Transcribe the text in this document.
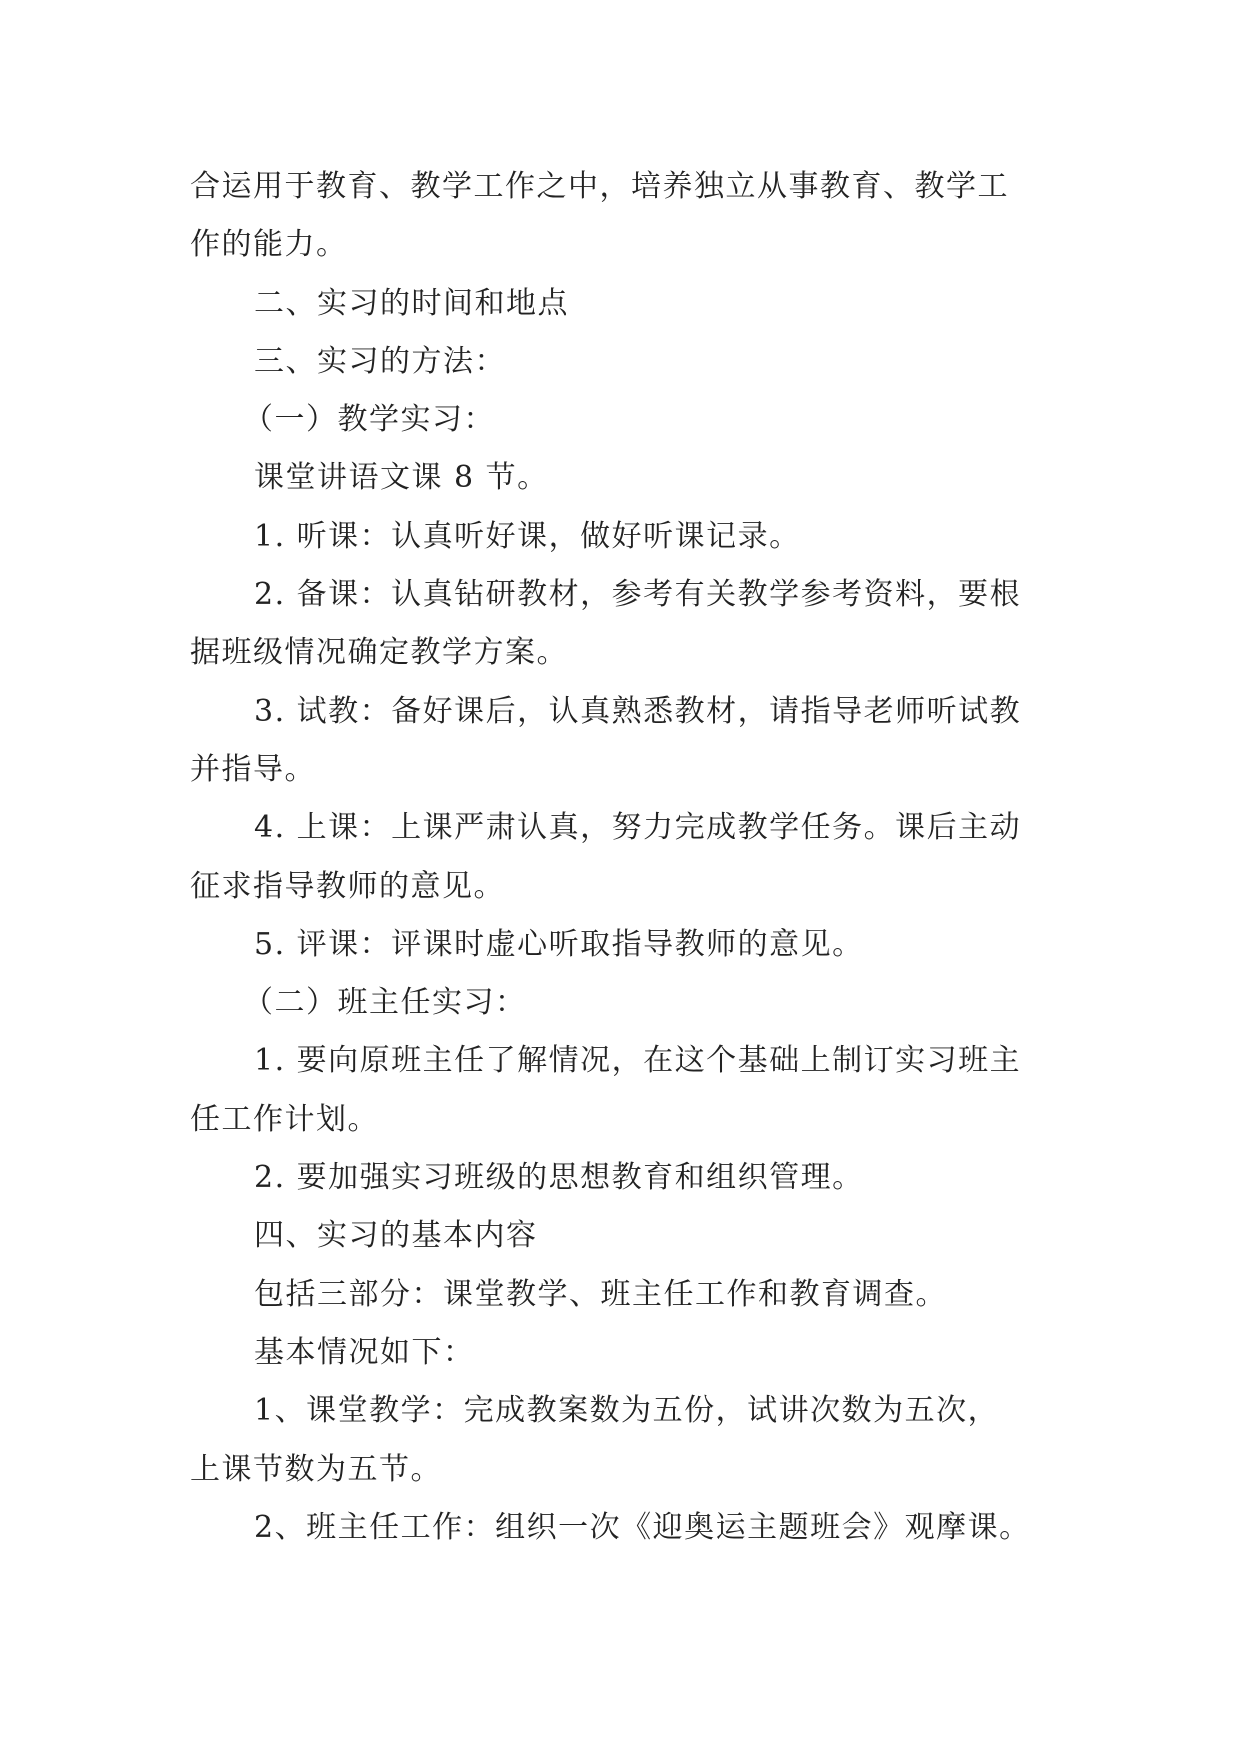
合运用于教育、教学工作之中，培养独立从事教育、教学工
作的能力。
二、实习的时间和地点
三、实习的方法：
（一）教学实习：
课堂讲语文课 8 节。
1. 听课：认真听好课，做好听课记录。
2. 备课：认真钻研教材，参考有关教学参考资料，要根
据班级情况确定教学方案。
3. 试教：备好课后，认真熟悉教材，请指导老师听试教
并指导。
4. 上课：上课严肃认真，努力完成教学任务。课后主动
征求指导教师的意见。
5. 评课：评课时虚心听取指导教师的意见。
（二）班主任实习：
1. 要向原班主任了解情况，在这个基础上制订实习班主
任工作计划。
2. 要加强实习班级的思想教育和组织管理。
四、实习的基本内容
包括三部分：课堂教学、班主任工作和教育调查。
基本情况如下：
1、课堂教学：完成教案数为五份，试讲次数为五次，
上课节数为五节。
2、班主任工作：组织一次《迎奥运主题班会》观摩课。
